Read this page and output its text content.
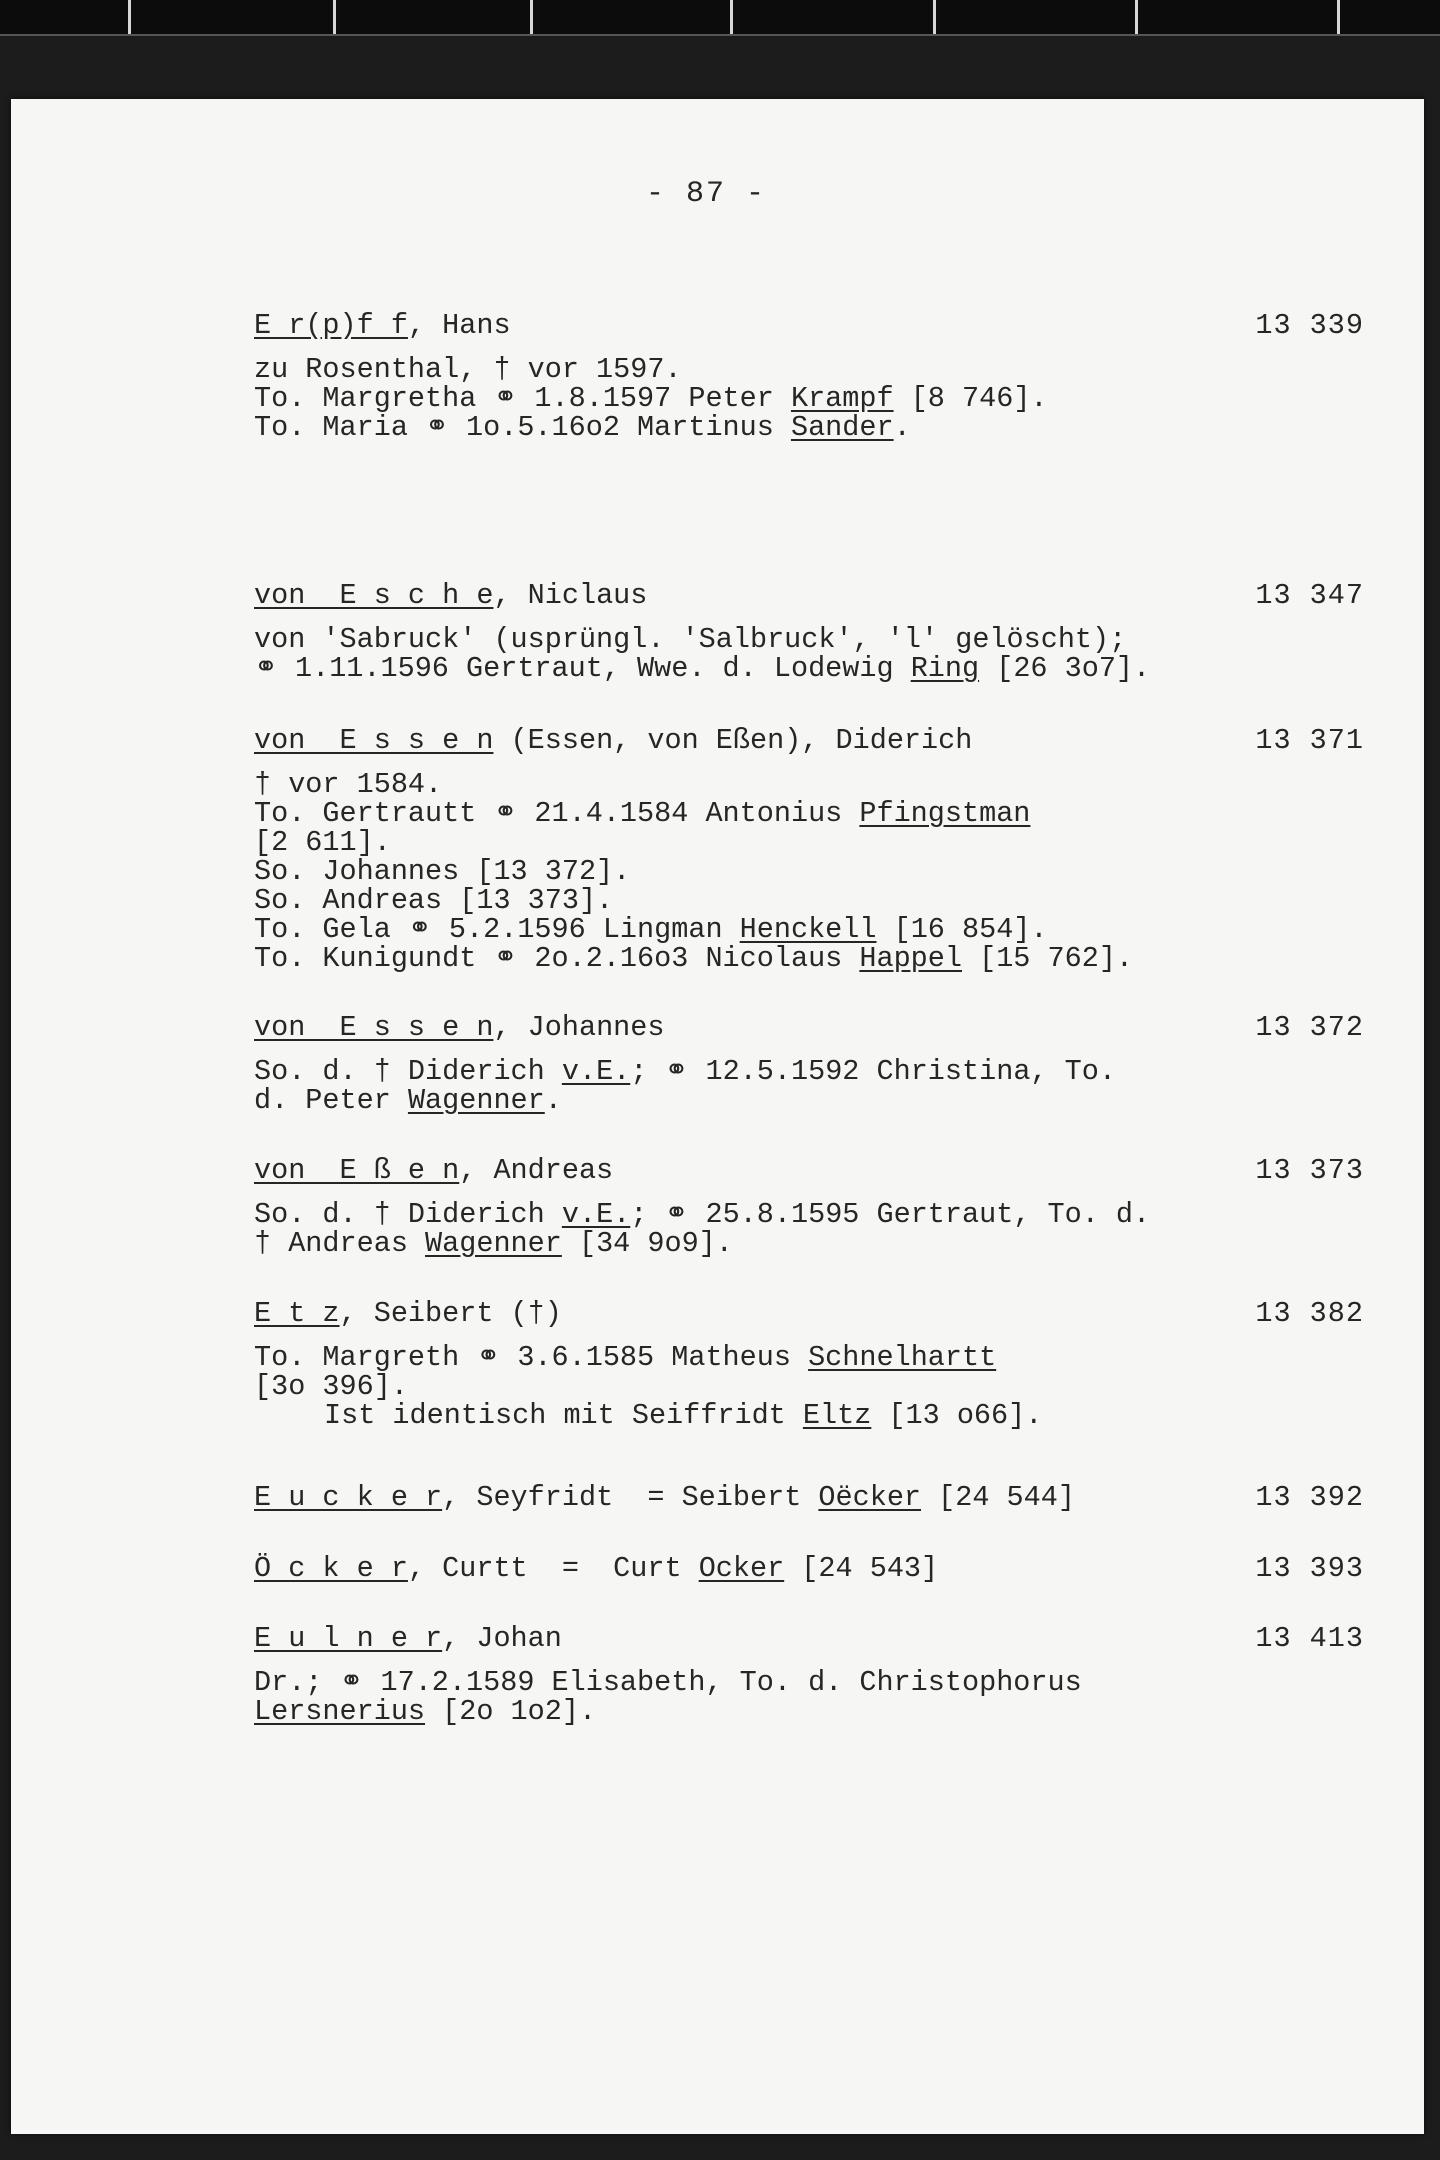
- 87 -
E r(p)f f, Hans	13 339
zu Rosenthal, † vor 1597.
To. Margretha ⚭ 1.8.1597 Peter Krampf [8 746].
To. Maria ⚭ 1o.5.16o2 Martinus Sander.
von  E s c h e, Niclaus	13 347
von 'Sabruck' (usprüngl. 'Salbruck', 'l' gelöscht);
⚭ 1.11.1596 Gertraut, Wwe. d. Lodewig Ring [26 3o7].
von  E s s e n (Essen, von Eßen), Diderich	13 371
† vor 1584.
To. Gertrautt ⚭ 21.4.1584 Antonius Pfingstman
[2 611].
So. Johannes [13 372].
So. Andreas [13 373].
To. Gela ⚭ 5.2.1596 Lingman Henckell [16 854].
To. Kunigundt ⚭ 2o.2.16o3 Nicolaus Happel [15 762].
von  E s s e n, Johannes	13 372
So. d. † Diderich v.E.; ⚭ 12.5.1592 Christina, To.
d. Peter Wagenner.
von  E ß e n, Andreas	13 373
So. d. † Diderich v.E.; ⚭ 25.8.1595 Gertraut, To. d.
† Andreas Wagenner [34 9o9].
E t z, Seibert (†)	13 382
To. Margreth ⚭ 3.6.1585 Matheus Schnelhartt
[3o 396].
Ist identisch mit Seiffridt Eltz [13 o66].
E u c k e r, Seyfridt  = Seibert Oëcker [24 544]	13 392
Ö c k e r, Curtt  =  Curt Ocker [24 543]	13 393
E u l n e r, Johan	13 413
Dr.; ⚭ 17.2.1589 Elisabeth, To. d. Christophorus
Lersnerius [2o 1o2].
